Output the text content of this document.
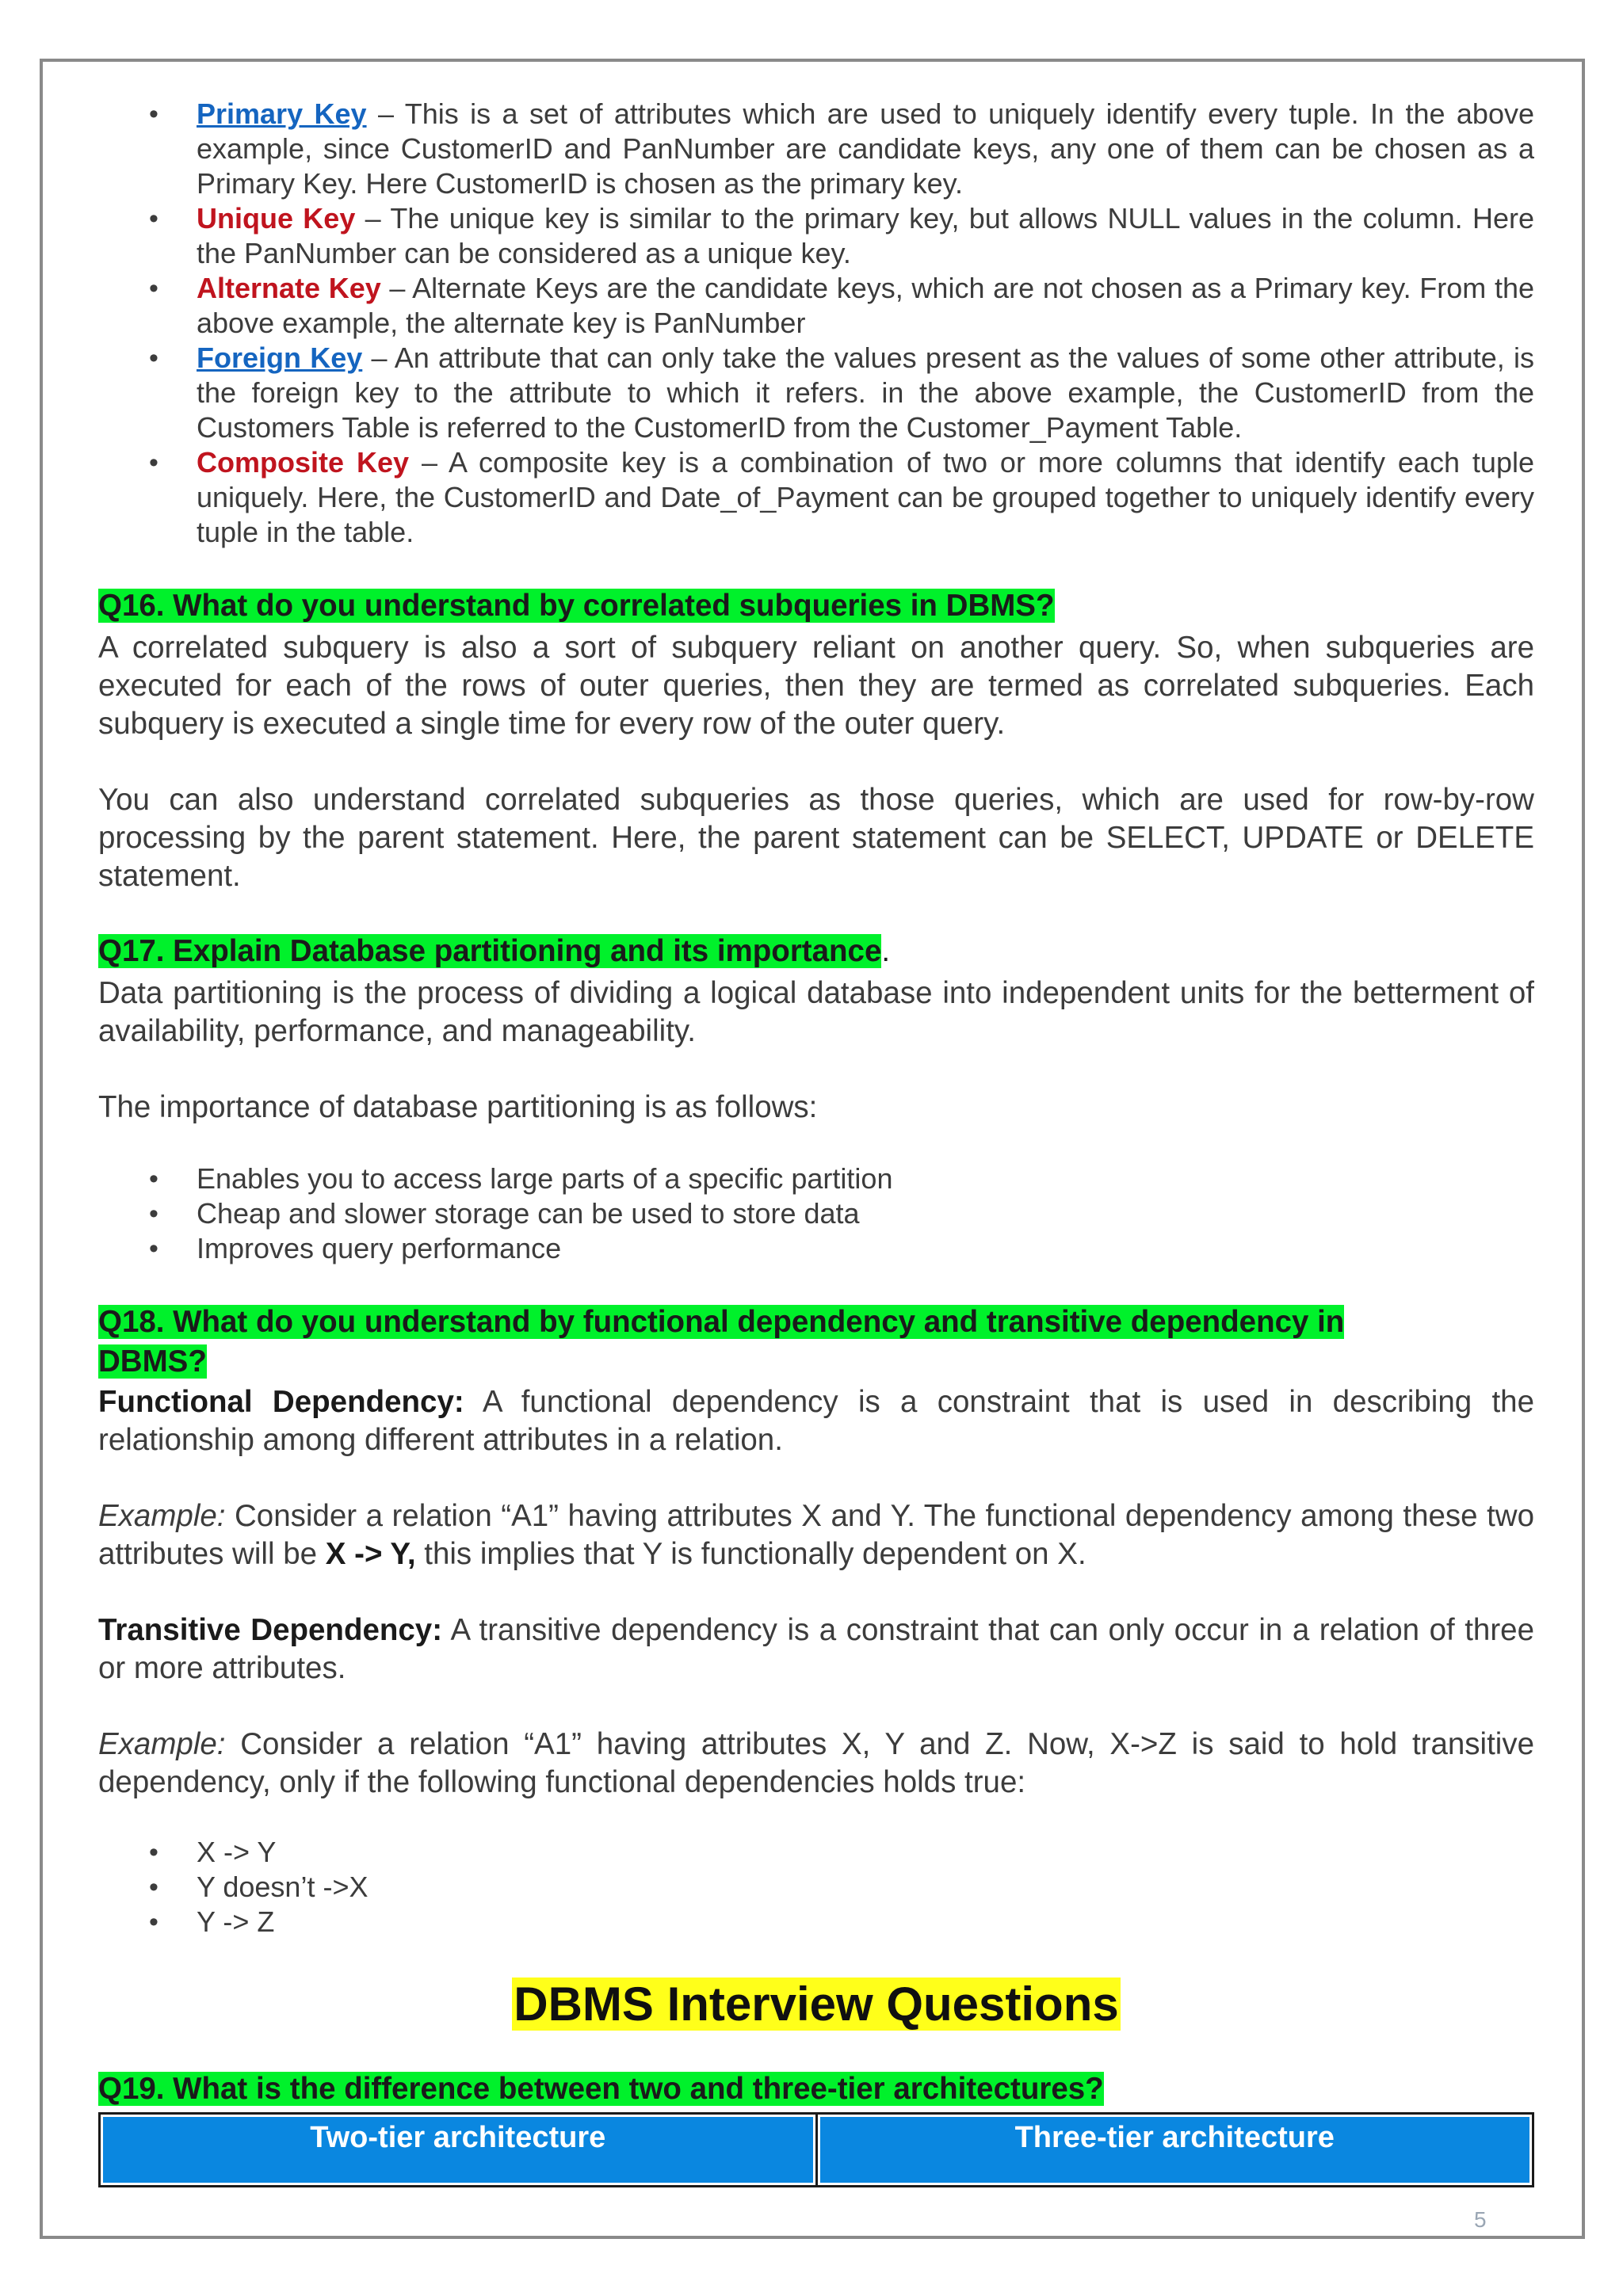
• Primary Key – This is a set of attributes which are used to uniquely identify every tuple. In the above example, since CustomerID and PanNumber are candidate keys, any one of them can be chosen as a Primary Key. Here CustomerID is chosen as the primary key.
• Unique Key – The unique key is similar to the primary key, but allows NULL values in the column. Here the PanNumber can be considered as a unique key.
• Alternate Key – Alternate Keys are the candidate keys, which are not chosen as a Primary key. From the above example, the alternate key is PanNumber
• Foreign Key – An attribute that can only take the values present as the values of some other attribute, is the foreign key to the attribute to which it refers. in the above example, the CustomerID from the Customers Table is referred to the CustomerID from the Customer_Payment Table.
• Composite Key – A composite key is a combination of two or more columns that identify each tuple uniquely. Here, the CustomerID and Date_of_Payment can be grouped together to uniquely identify every tuple in the table.
Q16. What do you understand by correlated subqueries in DBMS?

A correlated subquery is also a sort of subquery reliant on another query. So, when subqueries are executed for each of the rows of outer queries, then they are termed as correlated subqueries. Each subquery is executed a single time for every row of the outer query.

You can also understand correlated subqueries as those queries, which are used for row-by-row processing by the parent statement. Here, the parent statement can be SELECT, UPDATE or DELETE statement.

Q17. Explain Database partitioning and its importance.

Data partitioning is the process of dividing a logical database into independent units for the betterment of availability, performance, and manageability.

The importance of database partitioning is as follows:

• Enables you to access large parts of a specific partition
• Cheap and slower storage can be used to store data
• Improves query performance
Q18. What do you understand by functional dependency and transitive dependency in
DBMS?

Functional Dependency: A functional dependency is a constraint that is used in describing the relationship among different attributes in a relation.

Example: Consider a relation “A1” having attributes X and Y. The functional dependency among these two attributes will be X -> Y, this implies that Y is functionally dependent on X.

Transitive Dependency: A transitive dependency is a constraint that can only occur in a relation of three or more attributes.

Example: Consider a relation “A1” having attributes X, Y and Z. Now, X->Z is said to hold transitive dependency, only if the following functional dependencies holds true:

• X -> Y
• Y doesn’t ->X
• Y -> Z
DBMS Interview Questions
Q19. What is the difference between two and three-tier architectures?
Two-tier architecture	Three-tier architecture
5
